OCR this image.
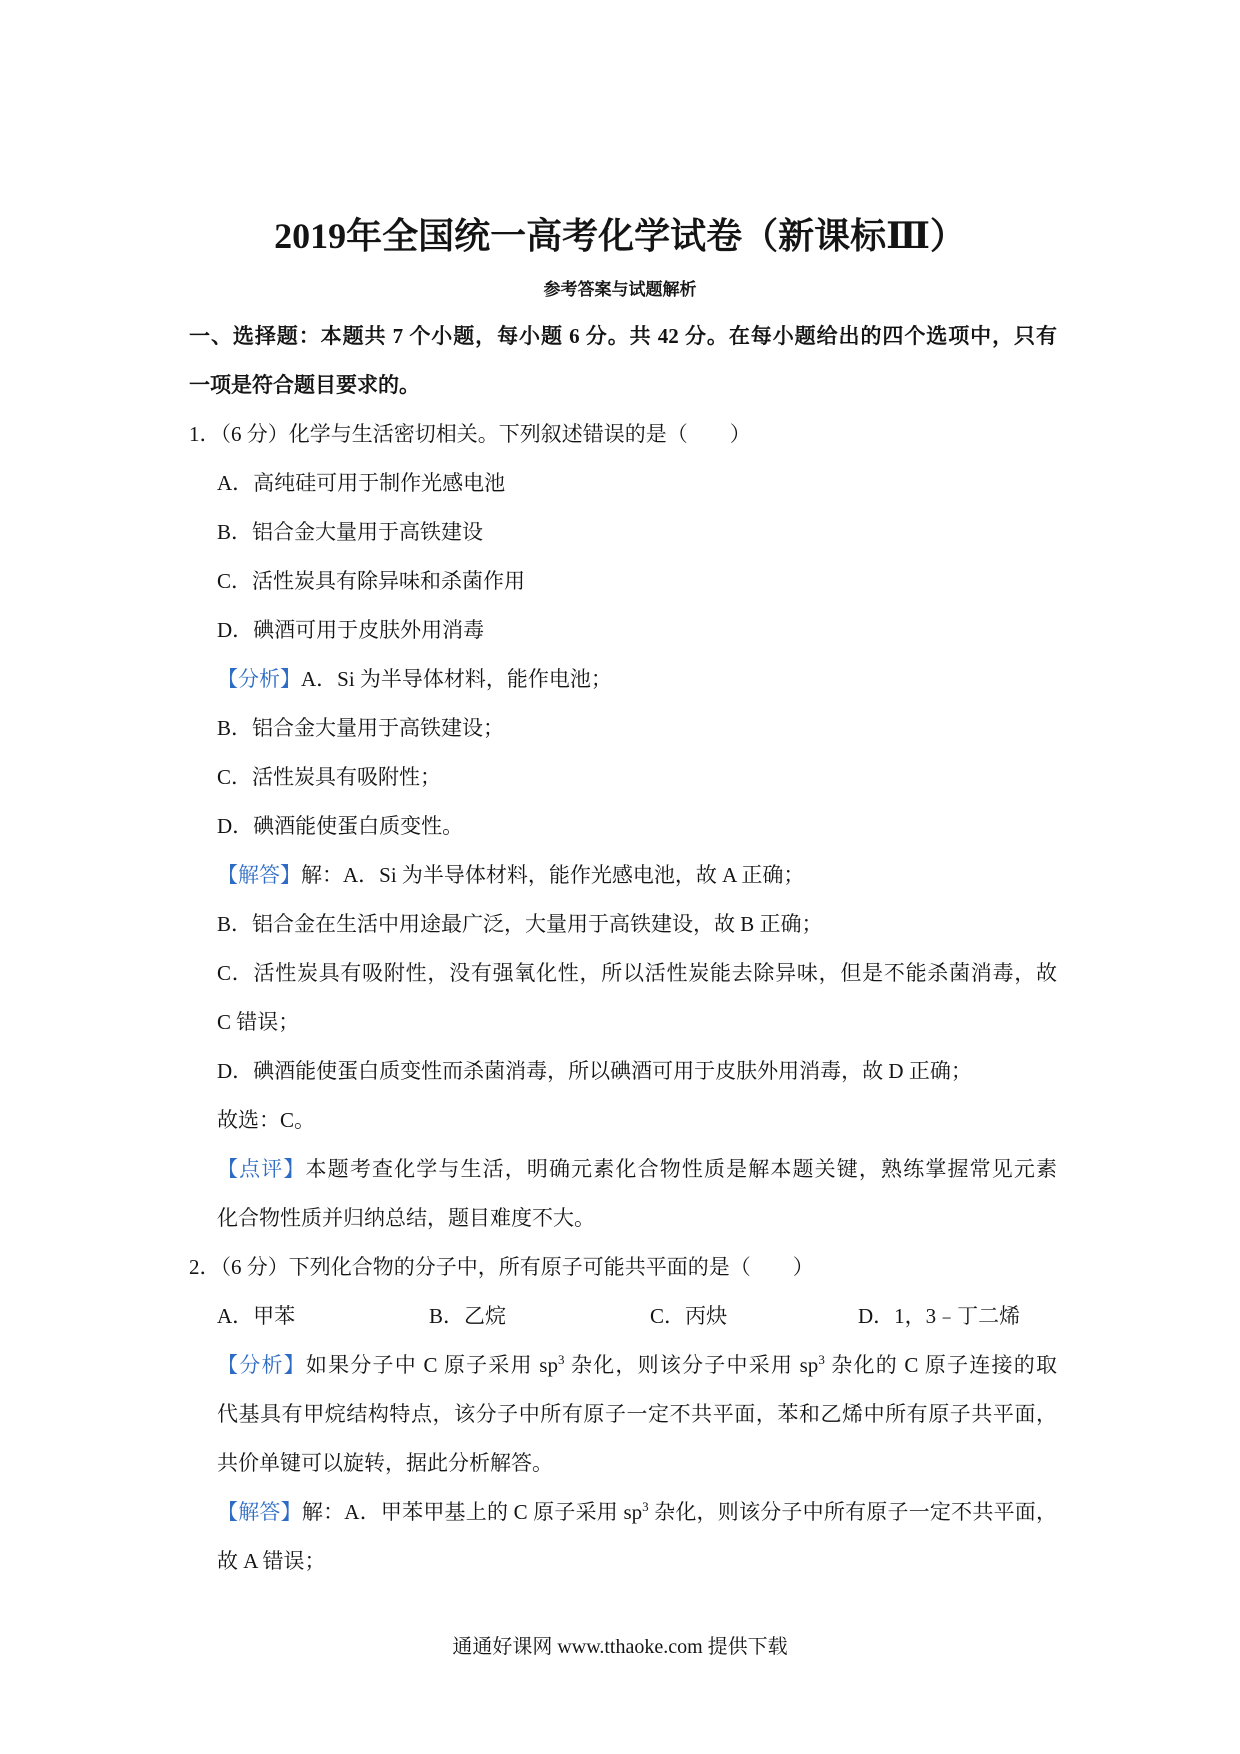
2019年全国统一高考化学试卷（新课标Ⅲ）
参考答案与试题解析
一、选择题：本题共 7 个小题，每小题 6 分。共 42 分。在每小题给出的四个选项中，只有
一项是符合题目要求的。
1．（6 分）化学与生活密切相关。下列叙述错误的是（　　）
A．高纯硅可用于制作光感电池
B．铝合金大量用于高铁建设
C．活性炭具有除异味和杀菌作用
D．碘酒可用于皮肤外用消毒
【分析】A．Si 为半导体材料，能作电池；
B．铝合金大量用于高铁建设；
C．活性炭具有吸附性；
D．碘酒能使蛋白质变性。
【解答】解：A．Si 为半导体材料，能作光感电池，故 A 正确；
B．铝合金在生活中用途最广泛，大量用于高铁建设，故 B 正确；
C．活性炭具有吸附性，没有强氧化性，所以活性炭能去除异味，但是不能杀菌消毒，故
C 错误；
D．碘酒能使蛋白质变性而杀菌消毒，所以碘酒可用于皮肤外用消毒，故 D 正确；
故选：C。
【点评】本题考查化学与生活，明确元素化合物性质是解本题关键，熟练掌握常见元素
化合物性质并归纳总结，题目难度不大。
2．（6 分）下列化合物的分子中，所有原子可能共平面的是（　　）
A．甲苯	B．乙烷	C．丙炔	D．1，3﹣丁二烯
【分析】如果分子中 C 原子采用 $sp^3$ 杂化，则该分子中采用 $sp^3$ 杂化的 C 原子连接的取
代基具有甲烷结构特点，该分子中所有原子一定不共平面，苯和乙烯中所有原子共平面，
共价单键可以旋转，据此分析解答。
【解答】解：A．甲苯甲基上的 C 原子采用 $sp^3$ 杂化，则该分子中所有原子一定不共平面，
故 A 错误；
通通好课网 www.tthaoke.com 提供下载
